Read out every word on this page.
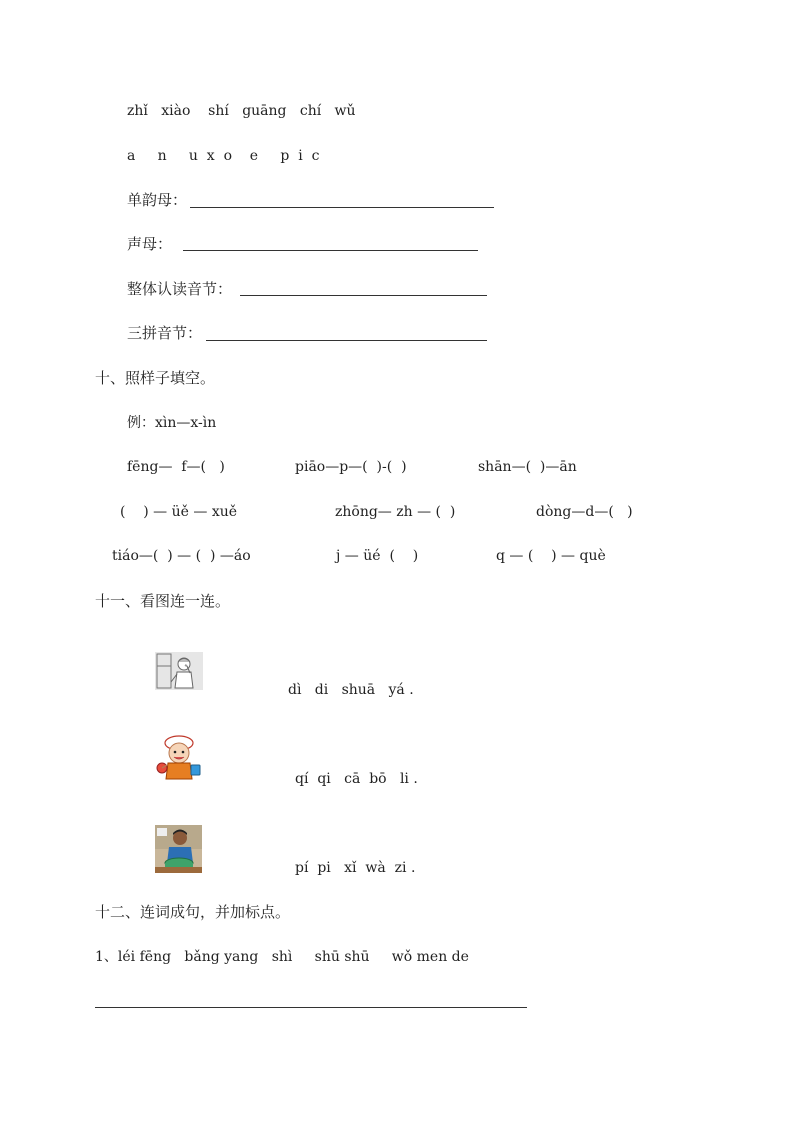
zhǐ   xiào    shí   guāng   chí   wǔ
a     n     u  x  o    e     p  i  c
单韵母：
声母：
整体认读音节：
三拼音节：
十、照样子填空。
例：xìn—x-ìn
fēng—  f—(   )	piāo—p—(  )-(  )	shān—(  )—ān
(    ) — üě — xuě	zhōng— zh — (  )	dòng—d—(   )
tiáo—(  ) — (  ) —áo	j — üé  (    )	q — (    ) — què
十一、看图连一连。
dì   di   shuā   yá .
qí  qi   cā  bō   li .
pí  pi   xǐ  wà  zi .
十二、连词成句，并加标点。
1、léi fēng   bǎng yang   shì     shū shū     wǒ men de
